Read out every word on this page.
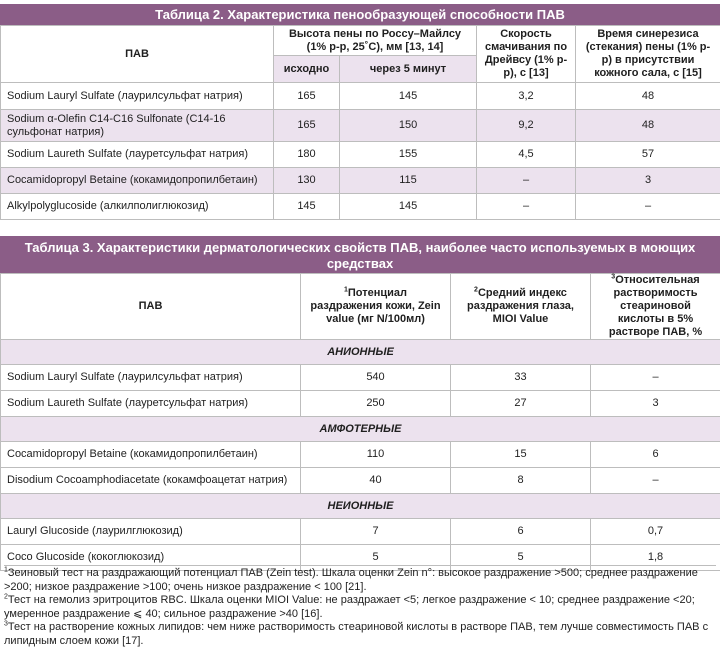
Таблица 2. Характеристика пенообразующей способности ПАВ
ПАВ	Высота пены по Россу–Майлсу (1% р-р, 25˚С), мм [13, 14]		Скорость смачивания по Дрейвсу (1% р-р), с [13]	Время синерезиса (стекания) пены (1% р-р) в присутствии кожного сала, с [15]
	исходно	через 5 минут		
Sodium Lauryl Sulfate (лаурилсульфат натрия)	165	145	3,2	48
Sodium α-Olefin C14-C16 Sulfonate (С14-16 сульфонат натрия)	165	150	9,2	48
Sodium Laureth Sulfate (лауретсульфат натрия)	180	155	4,5	57
Cocamidopropyl Betaine (кокамидопропилбетаин)	130	115	–	3
Alkylpolyglucoside (алкилполиглюкозид)	145	145	–	–
Таблица 3. Характеристики дерматологических свойств ПАВ, наиболее часто используемых в моющих средствах
ПАВ	$^1$Потенциал раздражения кожи, Zein value (мг N/100мл)	$^2$Средний индекс раздражения глаза, MIOI Value	$^3$Относительная растворимость стеариновой кислоты в 5% растворе ПАВ, %
АНИОННЫЕ			
Sodium Lauryl Sulfate (лаурилсульфат натрия)	540	33	–
Sodium Laureth Sulfate (лауретсульфат натрия)	250	27	3
АМФОТЕРНЫЕ			
Cocamidopropyl Betaine (кокамидопропилбетаин)	110	15	6
Disodium Cocoamphodiacetate (кокамфоацетат натрия)	40	8	–
НЕИОННЫЕ			
Lauryl Glucoside (лаурилглюкозид)	7	6	0,7
Coco Glucoside (кокоглюкозид)	5	5	1,8

$^1$Зеиновый тест на раздражающий потенциал ПАВ (Zein test). Шкала оценки Zein n°: высокое раздражение >500; среднее раздражение >200; низкое раздражение >100; очень низкое раздражение < 100 [21].

$^2$Тест на гемолиз эритроцитов RBC. Шкала оценки MIOI Value: не раздражает <5; легкое раздражение < 10; среднее раздражение <20; умеренное раздражение ⩽ 40; сильное раздражение >40 [16].

$^3$Тест на растворение кожных липидов: чем ниже растворимость стеариновой кислоты в растворе ПАВ, тем лучше совместимость ПАВ с липидным слоем кожи [17].
